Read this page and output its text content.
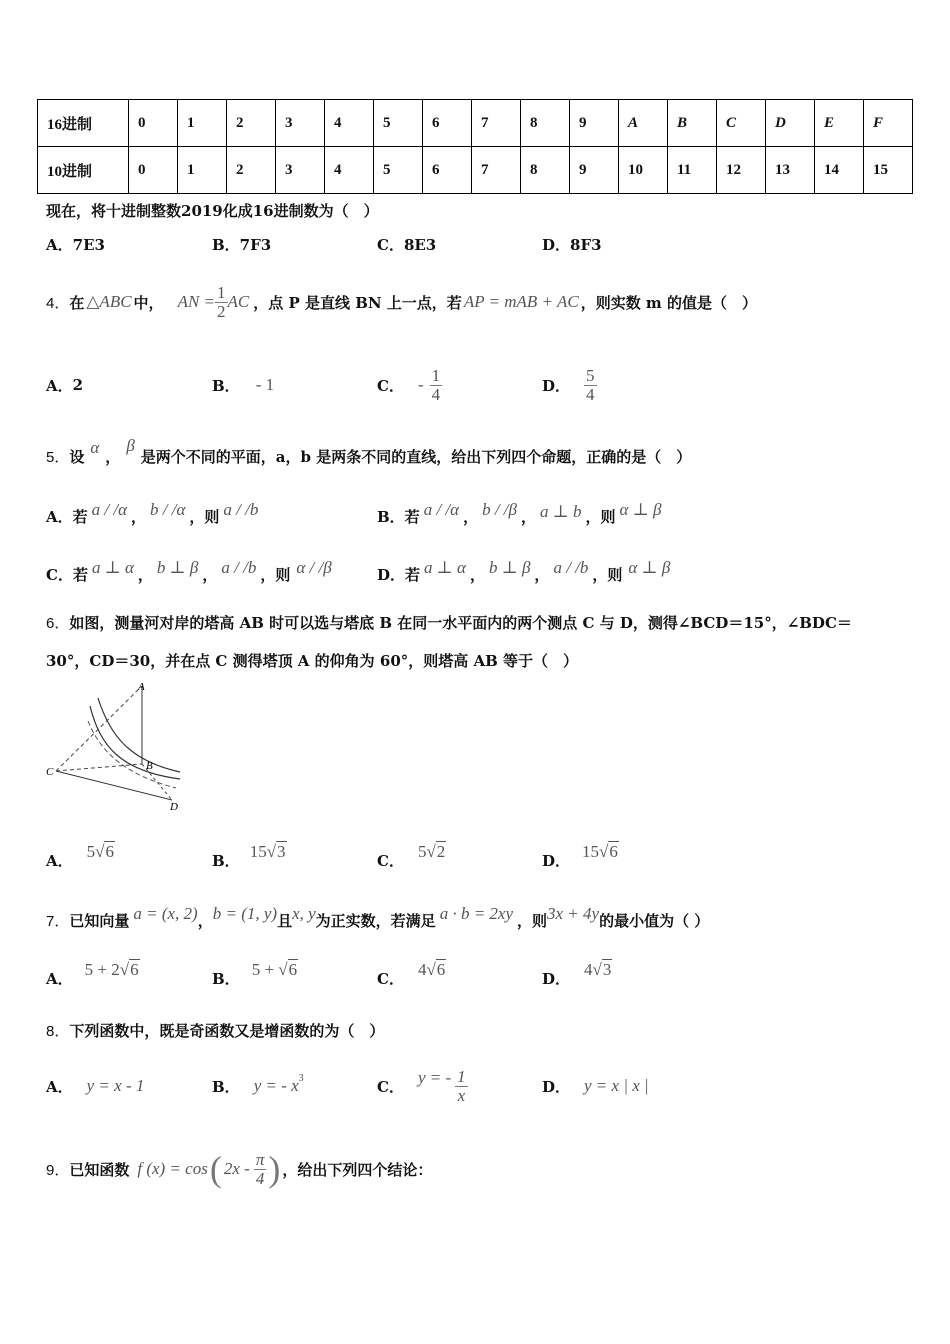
16进制	0	1	2	3	4	5	6	7	8	9	A	B	C	D	E	F
10进制	0	1	2	3	4	5	6	7	8	9	10	11	12	13	14	15
现在，将十进制整数2019化成16进制数为（　）
A．7E3	B．7F3	C．8E3	D．8F3
4． 在 △ABC 中， AN = $\frac{1}{2}$ AC ，点 P 是直线 BN 上一点，若 AP = mAB + AC ，则实数 m 的值是（　）
A． 2	B． - 1	C． - $\frac{1}{4}$	D． $\frac{5}{4}$
5． 设 α ，
β
是两个不同的平面，a，b 是两条不同的直线，给出下列四个命题，正确的是（　）
A．若 a / /α ， b / /α ，则 a / /b	B．若 a / /α ， b / /β ， a ⊥ b ，则 α ⊥ β
C．若 a ⊥ α ， b ⊥ β ， a / /b ，则 α / /β	D．若 a ⊥ α ， b ⊥ β ， a / /b ，则 α ⊥ β
6． 如图，测量河对岸的塔高 AB 时可以选与塔底 B 在同一水平面内的两个测点 C 与 D，测得∠BCD＝15°，∠BDC＝
30°，CD＝30，并在点 C 测得塔顶 A 的仰角为 60°，则塔高 AB 等于（　）
A
B
C
D
A． 5√6	B． 15√3	C． 5√2	D． 15√6
7． 已知向量 a = (x, 2) ， b = (1, y) 且 x, y 为正实数，若满足 a · b = 2xy ，则 3x + 4y 的最小值为（ ）
A． 5 + 2√6	B． 5 + √6	C． 4√6	D． 4√3
8． 下列函数中，既是奇函数又是增函数的为（　）
A． y = x - 1	B． y = - $x^3$	C． y = - $\frac{1}{x}$	D． y = x | x |
9． 已知函数 f (x) = cos ( $2x - \frac{\pi}{4}$ ) ，给出下列四个结论：
